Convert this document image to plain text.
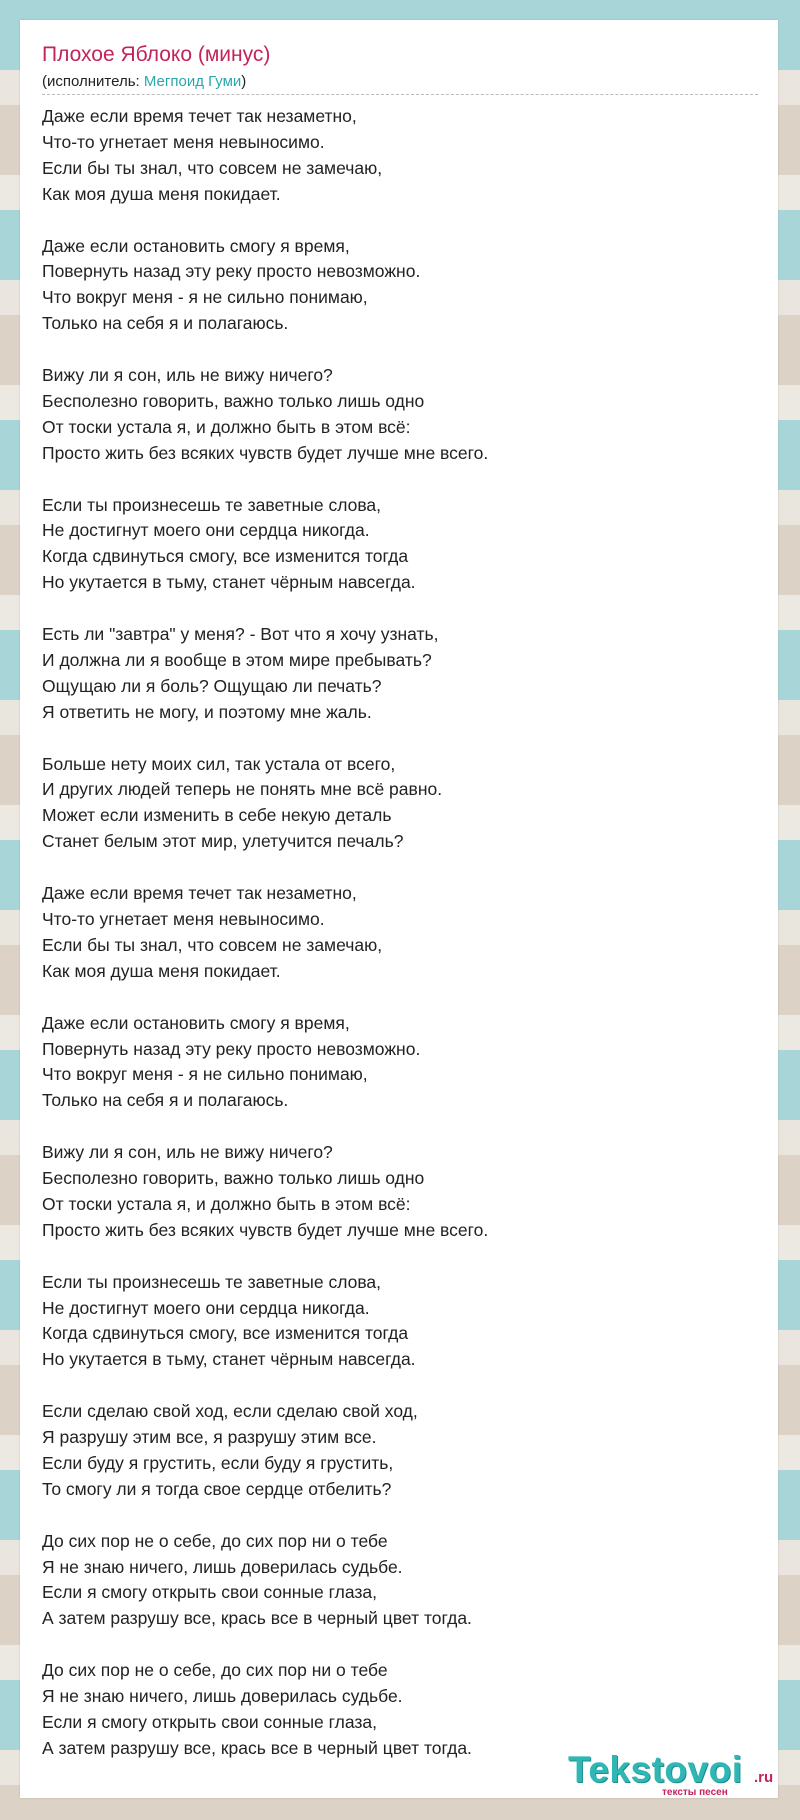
Плохое Яблоко (минус)
(исполнитель: Мегпоид Гуми)
Даже если время течет так незаметно,
Что-то угнетает меня невыносимо.
Если бы ты знал, что совсем не замечаю,
Как моя душа меня покидает.
Даже если остановить смогу я время,
Повернуть назад эту реку просто невозможно.
Что вокруг меня - я не сильно понимаю,
Только на себя я и полагаюсь.
Вижу ли я сон, иль не вижу ничего?
Бесполезно говорить, важно только лишь одно
От тоски устала я, и должно быть в этом всё:
Просто жить без всяких чувств будет лучше мне всего.
Если ты произнесешь те заветные слова,
Не достигнут моего они сердца никогда.
Когда сдвинуться смогу, все изменится тогда
Но укутается в тьму, станет чёрным навсегда.
Есть ли "завтра" у меня? - Вот что я хочу узнать,
И должна ли я вообще в этом мире пребывать?
Ощущаю ли я боль? Ощущаю ли печать?
Я ответить не могу, и поэтому мне жаль.
Больше нету моих сил, так устала от всего,
И других людей теперь не понять мне всё равно.
Может если изменить в себе некую деталь
Станет белым этот мир, улетучится печаль?
Даже если время течет так незаметно,
Что-то угнетает меня невыносимо.
Если бы ты знал, что совсем не замечаю,
Как моя душа меня покидает.
Даже если остановить смогу я время,
Повернуть назад эту реку просто невозможно.
Что вокруг меня - я не сильно понимаю,
Только на себя я и полагаюсь.
Вижу ли я сон, иль не вижу ничего?
Бесполезно говорить, важно только лишь одно
От тоски устала я, и должно быть в этом всё:
Просто жить без всяких чувств будет лучше мне всего.
Если ты произнесешь те заветные слова,
Не достигнут моего они сердца никогда.
Когда сдвинуться смогу, все изменится тогда
Но укутается в тьму, станет чёрным навсегда.
Если сделаю свой ход, если сделаю свой ход,
Я разрушу этим все, я разрушу этим все.
Если буду я грустить, если буду я грустить,
То смогу ли я тогда свое сердце отбелить?
До сих пор не о себе, до сих пор ни о тебе
Я не знаю ничего, лишь доверилась судьбе.
Если я смогу открыть свои сонные глаза,
А затем разрушу все, крась все в черный цвет тогда.
До сих пор не о себе, до сих пор ни о тебе
Я не знаю ничего, лишь доверилась судьбе.
Если я смогу открыть свои сонные глаза,
А затем разрушу все, крась все в черный цвет тогда.
Tekstovoi .ru
тексты песен
